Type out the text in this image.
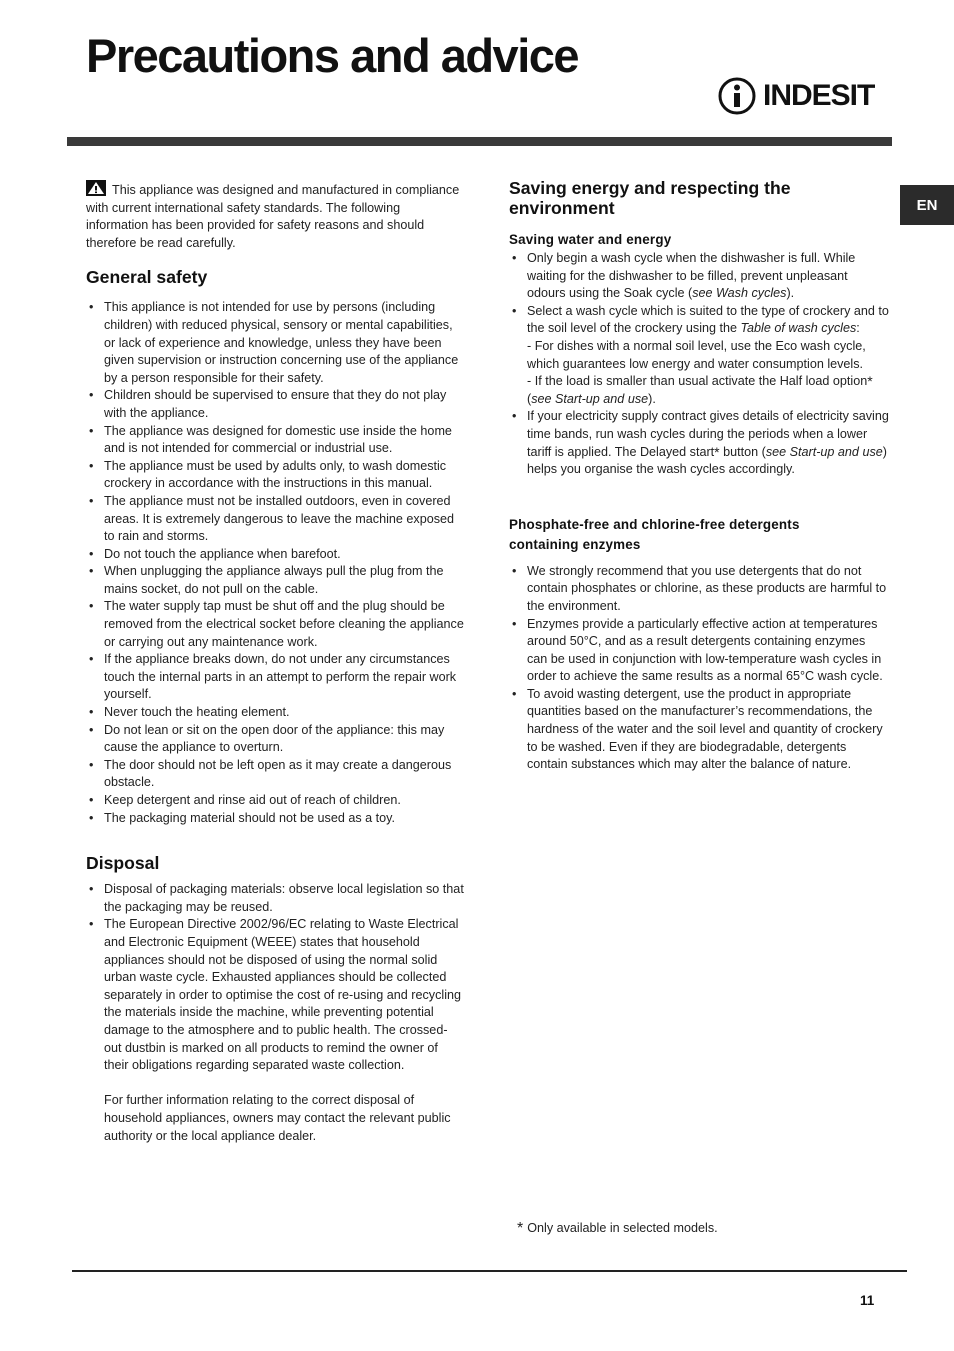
Precautions and advice
INDESIT
EN

This appliance was designed and manufactured in compliance with current international safety standards. The following information has been provided for safety reasons and should therefore be read carefully.

General safety
• This appliance is not intended for use by persons (including children) with reduced physical, sensory or mental capabilities, or lack of experience and knowledge, unless they have been given supervision or instruction concerning use of the appliance by a person responsible for their safety.
• Children should be supervised to ensure that they do not play with the appliance.
• The appliance was designed for domestic use inside the home and is not intended for commercial or industrial use.
• The appliance must be used by adults only, to wash domestic crockery in accordance with the instructions in this manual.
• The appliance must not be installed outdoors, even in covered areas. It is extremely dangerous to leave the machine exposed to rain and storms.
• Do not touch the appliance when barefoot.
• When unplugging the appliance always pull the plug from the mains socket, do not pull on the cable.
• The water supply tap must be shut off and the plug should be removed from the electrical socket before cleaning the appliance or carrying out any maintenance work.
• If the appliance breaks down, do not under any circumstances touch the internal parts in an attempt to perform the repair work yourself.
• Never touch the heating element.
• Do not lean or sit on the open door of the appliance: this may cause the appliance to overturn.
• The door should not be left open as it may create a dangerous obstacle.
• Keep detergent and rinse aid out of reach of children.
• The packaging material should not be used as a toy.
Disposal
• Disposal of packaging materials: observe local legislation so that the packaging may be reused.
• The European Directive 2002/96/EC relating to Waste Electrical and Electronic Equipment (WEEE) states that household appliances should not be disposed of using the normal solid urban waste cycle. Exhausted appliances should be collected separately in order to optimise the cost of re-using and recycling the materials inside the machine, while preventing potential damage to the atmosphere and to public health. The crossed-out dustbin is marked on all products to remind the owner of their obligations regarding separated waste collection.
For further information relating to the correct disposal of household appliances, owners may contact the relevant public authority or the local appliance dealer.
Saving energy and respecting the environment
Saving water and energy
• Only begin a wash cycle when the dishwasher is full. While waiting for the dishwasher to be filled, prevent unpleasant odours using the Soak cycle (see Wash cycles).
• Select a wash cycle which is suited to the type of crockery and to the soil level of the crockery using the Table of wash cycles:
- For dishes with a normal soil level, use the Eco wash cycle, which guarantees low energy and water consumption levels.
- If the load is smaller than usual activate the Half load option* (see Start-up and use).
• If your electricity supply contract gives details of electricity saving time bands, run wash cycles during the periods when a lower tariff is applied. The Delayed start* button (see Start-up and use) helps you organise the wash cycles accordingly.
Phosphate-free and chlorine-free detergents containing enzymes
• We strongly recommend that you use detergents that do not contain phosphates or chlorine, as these products are harmful to the environment.
• Enzymes provide a particularly effective action at temperatures around 50°C, and as a result detergents containing enzymes can be used in conjunction with low-temperature wash cycles in order to achieve the same results as a normal 65°C wash cycle.
• To avoid wasting detergent, use the product in appropriate quantities based on the manufacturer’s recommendations, the hardness of the water and the soil level and quantity of crockery to be washed. Even if they are biodegradable, detergents contain substances which may alter the balance of nature.
* Only available in selected models.
11
